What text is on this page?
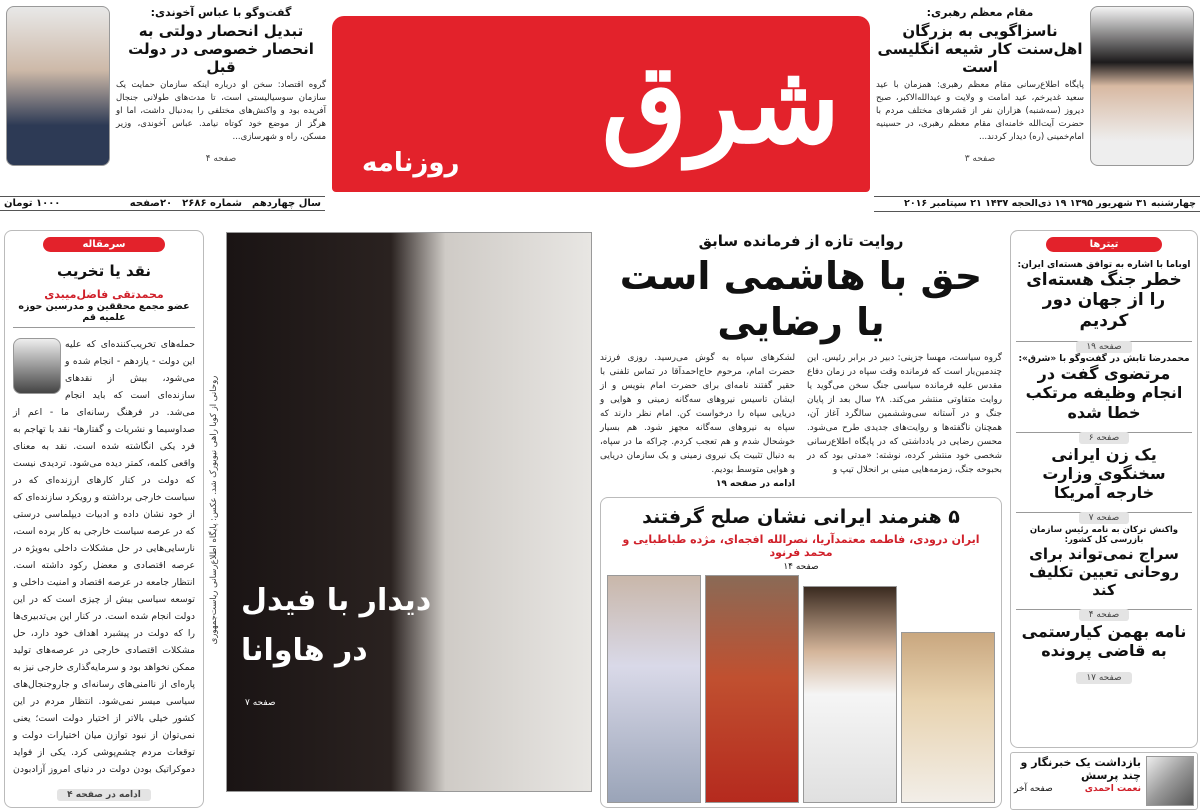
گفت‌وگو با عباس آخوندی:
تبدیل انحصار دولتی به انحصار خصوصی در دولت قبل
گروه اقتصاد: سخن او درباره اینکه سازمان حمایت یک سازمان سوسیالیستی است، تا مدت‌های طولانی جنجال آفریده بود و واکنش‌های مختلفی را به‌دنبال داشت، اما او هرگز از موضع خود کوتاه نیامد. عباس آخوندی، وزیر مسکن، راه و شهرسازی...
صفحه ۴
سال چهاردهم
شماره ۲۶۸۶
۲۰صفحه
۱۰۰۰ تومان
شرق
روزنامه
مقام معظم رهبری:
ناسزاگویی به بزرگان اهل‌سنت کار شیعه انگلیسی است
پایگاه اطلاع‌رسانی مقام معظم رهبری: همزمان با عید سعید غدیرخم، عید امامت و ولایت و عیدالله‌الاکبر، صبح دیروز (سه‌شنبه) هزاران نفر از قشرهای مختلف مردم با حضرت آیت‌الله خامنه‌ای مقام معظم رهبری، در حسینیه امام‌خمینی (ره) دیدار کردند...
صفحه ۳
چهارشنبه ۳۱ شهریور ۱۳۹۵ ۱۹ ذی‌الحجه ۱۴۳۷ ۲۱ سپتامبر ۲۰۱۶
سرمقاله
نقد یا تخریب
محمدتقی فاضل‌میبدی
عضو مجمع محققین و مدرسین حوزه علمیه قم
حمله‌های تخریب‌کننده‌ای که علیه این دولت - یازدهم - انجام شده و می‌شود، بیش از نقدهای سازنده‌ای است که باید انجام می‌شد. در فرهنگ رسانه‌ای ما - اعم از صداوسیما و نشریات و گفتارها- نقد با تهاجم به فرد یکی انگاشته شده است. نقد به معنای واقعی کلمه، کمتر دیده می‌شود. تردیدی نیست که دولت در کنار کارهای ارزنده‌ای که در سیاست خارجی برداشته و رویکرد سازنده‌ای که از خود نشان داده و ادبیات دیپلماسی درستی که در عرصه سیاست خارجی به کار برده است، نارسایی‌هایی در حل مشکلات داخلی به‌ویژه در عرصه اقتصادی و معضل رکود داشته است. انتظار جامعه در عرصه اقتصاد و امنیت داخلی و توسعه سیاسی بیش از چیزی است که در این دولت انجام شده است. در کنار این بی‌تدبیری‌ها را که دولت در پیشبرد اهداف خود دارد، حل مشکلات اقتصادی خارجی در عرصه‌های تولید ممکن نخواهد بود و سرمایه‌گذاری خارجی نیز به پاره‌ای از ناامنی‌های رسانه‌ای و جاروجنجال‌های سیاسی میسر نمی‌شود. انتظار مردم در این کشور خیلی بالاتر از اختیار دولت است؛ یعنی نمی‌توان از نبود توازن میان اختیارات دولت و توقعات مردم چشم‌پوشی کرد. یکی از فواید دموکراتیک بودن دولت در دنیای امروز آزادبودن
ادامه در صفحه ۴
روحانی از کوبا راهی نیویورک شد. عکس: پایگاه اطلاع‌رسانی ریاست‌جمهوری دیدار با فیدل
در هاوانا
صفحه ۷
روایت تازه از فرمانده سابق
حق با هاشمی است
یا رضایی
گروه سیاست، مهسا جزینی: دبیر در برابر رئیس. این چندمین‌بار است که فرمانده وقت سپاه در زمان دفاع مقدس علیه فرمانده سیاسی جنگ سخن می‌گوید یا روایت متفاوتی منتشر می‌کند. ۲۸ سال بعد از پایان جنگ و در آستانه سی‌وششمین سالگرد آغاز آن، همچنان ناگفته‌ها و روایت‌های جدیدی طرح می‌شود. محسن رضایی در یادداشتی که در پایگاه اطلاع‌رسانی شخصی خود منتشر کرده، نوشته: «مدتی بود که در بحبوحه جنگ، زمزمه‌هایی مبنی بر انحلال تیپ و
لشکرهای سپاه به گوش می‌رسید. روزی فرزند حضرت امام، مرحوم حاج‌احمدآقا در تماس تلفنی با حقیر گفتند نامه‌ای برای حضرت امام بنویس و از ایشان تاسیس نیروهای سه‌گانه زمینی و هوایی و دریایی سپاه را درخواست کن. امام نظر دارند که سپاه به نیروهای سه‌گانه مجهز شود. هم بسیار خوشحال شدم و هم تعجب کردم. چراکه ما در سپاه، به دنبال تثبیت یک نیروی زمینی و یک سازمان دریایی و هوایی متوسط بودیم.
ادامه در صفحه ۱۹
۵ هنرمند ایرانی نشان صلح گرفتند
ایران درودی، فاطمه معتمدآریا، نصرالله افجه‌ای، مژده طباطبایی و محمد فرنود
صفحه ۱۴
تیترها
اوباما با اشاره به توافق هسته‌ای ایران:
خطر جنگ هسته‌ای را از جهان دور کردیم
صفحه ۱۹
محمدرضا تابش در گفت‌وگو با «شرق»:
مرتضوی گفت در انجام وظیفه مرتکب خطا شده
صفحه ۶
یک زن ایرانی سخنگوی وزارت خارجه آمریکا
صفحه ۷
واکنش ترکان به نامه رئیس سازمان بازرسی کل کشور:
سراج نمی‌تواند برای روحانی تعیین تکلیف کند
صفحه ۴
نامه بهمن کیارستمی به قاضی پرونده
صفحه ۱۷
بازداشت یک خبرنگار و چند پرسش
نعمت احمدی
صفحه آخر
